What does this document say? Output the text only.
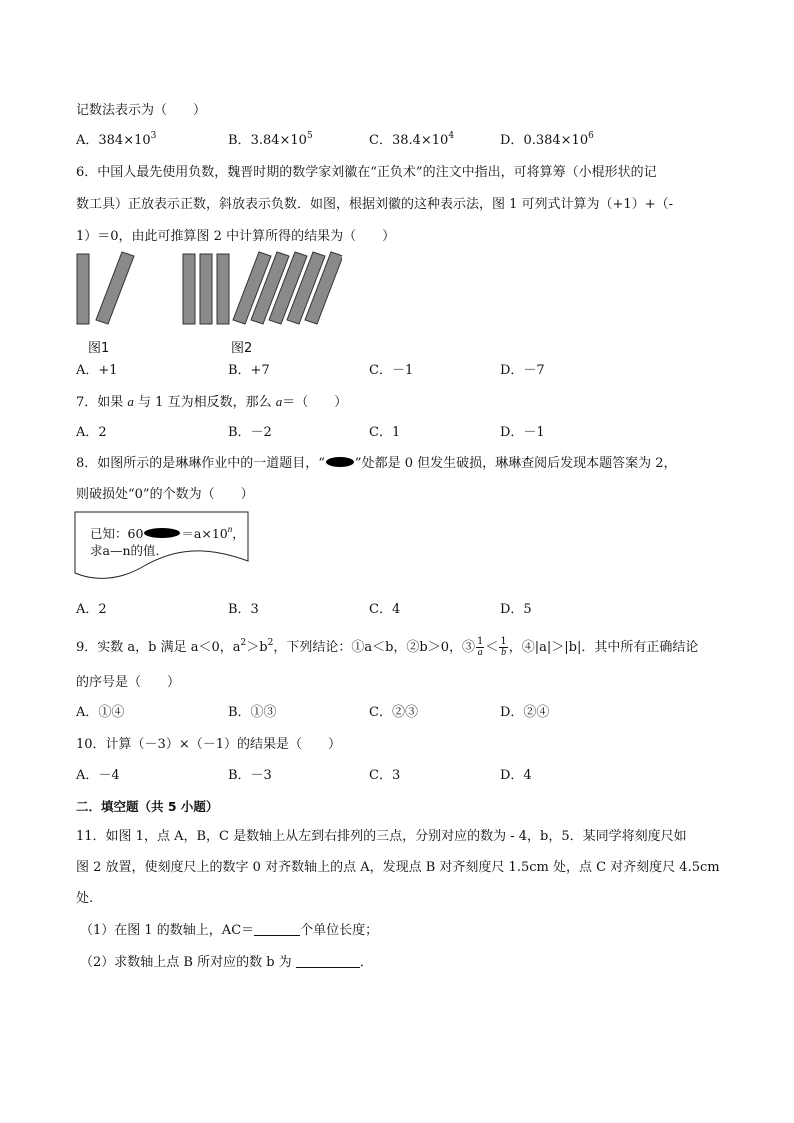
记数法表示为（　　）
A．$384\times 10^3$	B．$3.84\times 10^5$	C．$38.4\times 10^4$	D．$0.384\times 10^6$
6．中国人最先使用负数，魏晋时期的数学家刘徽在“正负术”的注文中指出，可将算筹（小棍形状的记
数工具）正放表示正数，斜放表示负数．如图，根据刘徽的这种表示法，图 1 可列式计算为（+1）+（-
1）＝0，由此可推算图 2 中计算所得的结果为（　　）
图1	图2
A．+1	B．+7	C．－1	D．－7
7．如果 a 与 1 互为相反数，那么 a＝（　　）
A．2	B．－2	C．1	D．－1
8．如图所示的是琳琳作业中的一道题目，“ ”处都是 0 但发生破损，琳琳查阅后发现本题答案为 2，
则破损处“0”的个数为（　　）
已知：60	$=a\times 10^n$，
求a—n的值.
A．2	B．3	C．4	D．5
9．实数 a，b 满足 a＜0，$a^2>b^2$，下列结论：①a＜b，②b＞0，③ $\frac{1}{a} < \frac{1}{b}$ ，④|a|＞|b|．其中所有正确结论
的序号是（　　）
A．①④	B．①③	C．②③	D．②④
10．计算（－3）×（－1）的结果是（　　）
A．－4	B．－3	C．3	D．4
二．填空题（共 5 小题）
11．如图 1，点 A，B，C 是数轴上从左到右排列的三点，分别对应的数为 - 4，b，5．某同学将刻度尺如
图 2 放置，使刻度尺上的数字 0 对齐数轴上的点 A，发现点 B 对齐刻度尺 1.5cm 处，点 C 对齐刻度尺 4.5cm
处.
（1）在图 1 的数轴上，AC＝	个单位长度；
（2）求数轴上点 B 所对应的数 b 为	．
